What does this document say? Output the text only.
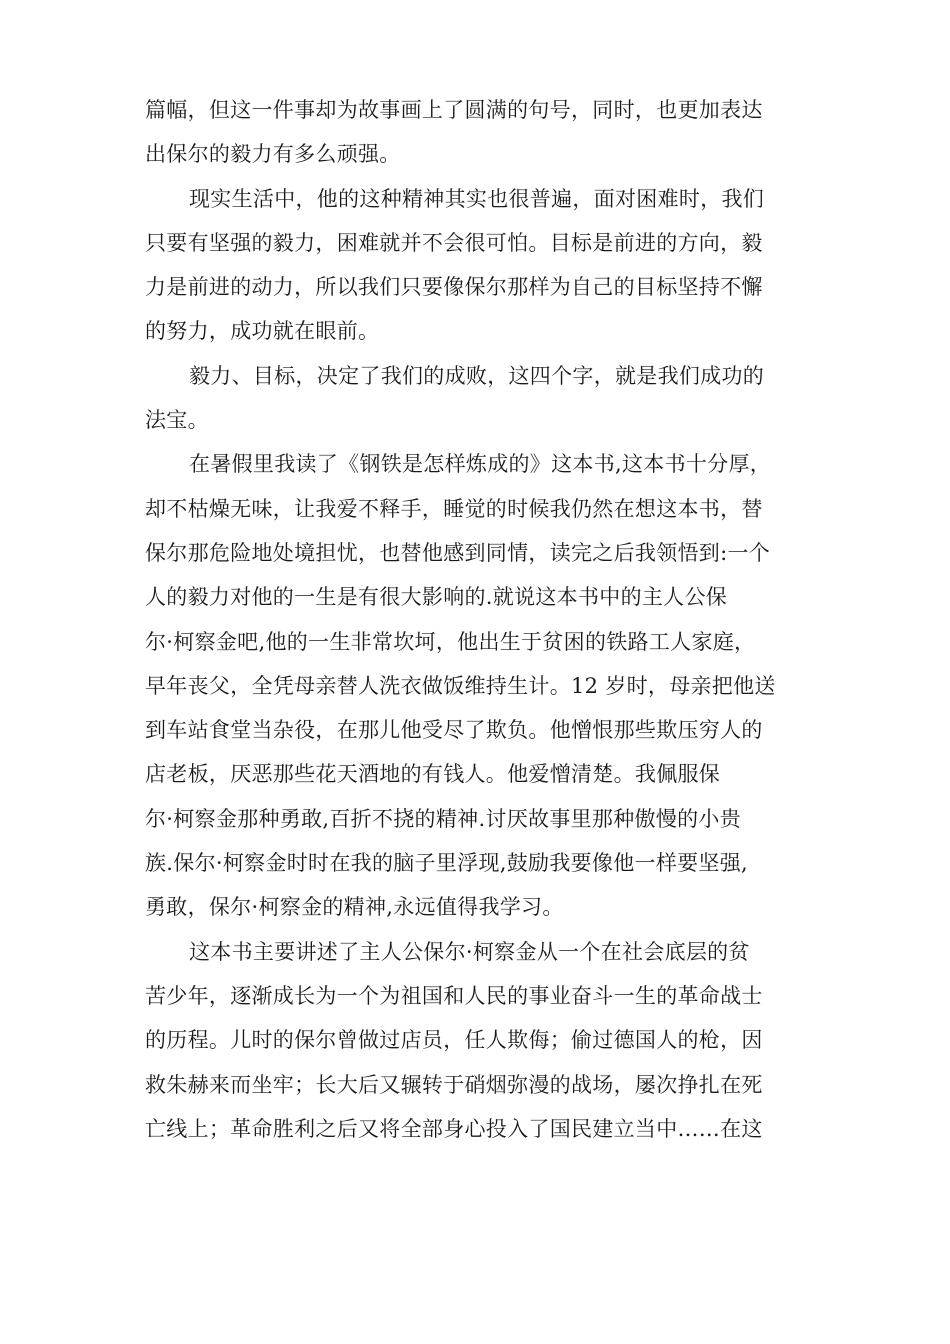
篇幅，但这一件事却为故事画上了圆满的句号，同时，也更加表达
出保尔的毅力有多么顽强。
现实生活中，他的这种精神其实也很普遍，面对困难时，我们
只要有坚强的毅力，困难就并不会很可怕。目标是前进的方向，毅
力是前进的动力，所以我们只要像保尔那样为自己的目标坚持不懈
的努力，成功就在眼前。
毅力、目标，决定了我们的成败，这四个字，就是我们成功的
法宝。
在暑假里我读了《钢铁是怎样炼成的》这本书,这本书十分厚，
却不枯燥无味，让我爱不释手，睡觉的时候我仍然在想这本书，替
保尔那危险地处境担忧，也替他感到同情，读完之后我领悟到:一个
人的毅力对他的一生是有很大影响的.就说这本书中的主人公保
尔·柯察金吧,他的一生非常坎坷，他出生于贫困的铁路工人家庭，
早年丧父，全凭母亲替人洗衣做饭维持生计。12 岁时，母亲把他送
到车站食堂当杂役，在那儿他受尽了欺负。他憎恨那些欺压穷人的
店老板，厌恶那些花天酒地的有钱人。他爱憎清楚。我佩服保
尔·柯察金那种勇敢,百折不挠的精神.讨厌故事里那种傲慢的小贵
族.保尔·柯察金时时在我的脑子里浮现,鼓励我要像他一样要坚强,
勇敢，保尔·柯察金的精神,永远值得我学习。
这本书主要讲述了主人公保尔·柯察金从一个在社会底层的贫
苦少年，逐渐成长为一个为祖国和人民的事业奋斗一生的革命战士
的历程。儿时的保尔曾做过店员，任人欺侮；偷过德国人的枪，因
救朱赫来而坐牢；长大后又辗转于硝烟弥漫的战场，屡次挣扎在死
亡线上；革命胜利之后又将全部身心投入了国民建立当中……在这
